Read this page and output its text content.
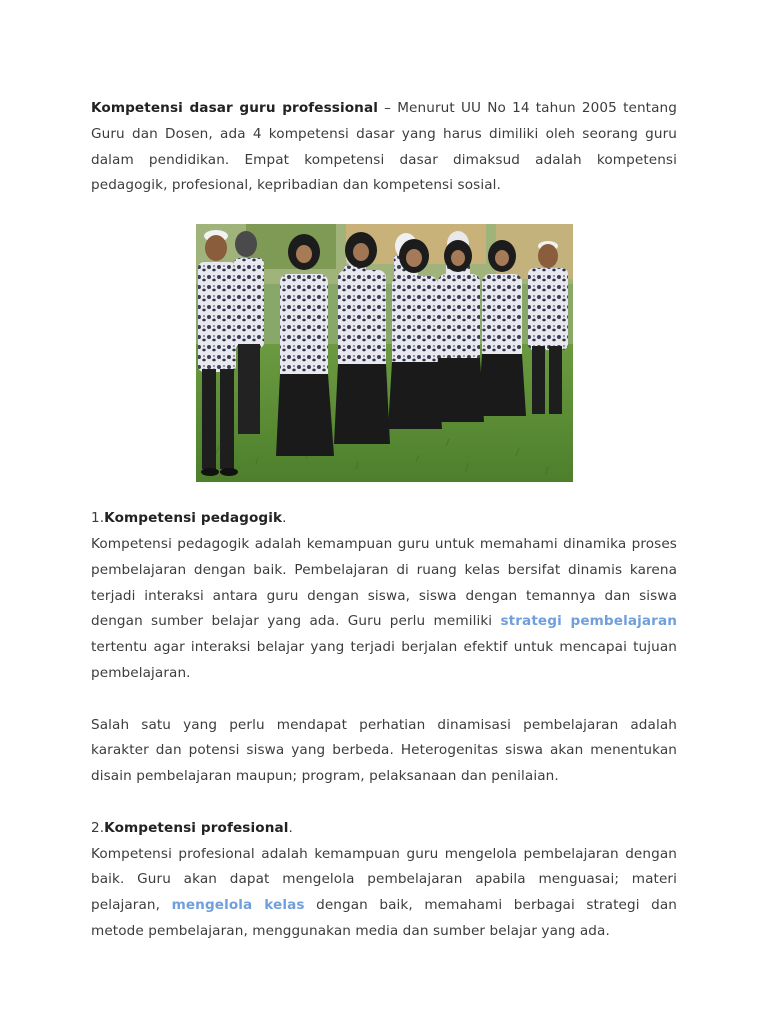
Kompetensi dasar guru professional – Menurut UU No 14 tahun 2005 tentang Guru dan Dosen, ada 4 kompetensi dasar yang harus dimiliki oleh seorang guru dalam pendidikan. Empat kompetensi dasar dimaksud adalah kompetensi pedagogik, profesional, kepribadian dan kompetensi sosial.

1.Kompetensi pedagogik.

Kompetensi pedagogik adalah kemampuan guru untuk memahami dinamika proses pembelajaran dengan baik. Pembelajaran di ruang kelas bersifat dinamis karena terjadi interaksi antara guru dengan siswa, siswa dengan temannya dan siswa dengan sumber belajar yang ada. Guru perlu memiliki strategi pembelajaran tertentu agar interaksi belajar yang terjadi berjalan efektif untuk mencapai tujuan pembelajaran.

Salah satu yang perlu mendapat perhatian dinamisasi pembelajaran adalah karakter dan potensi siswa yang berbeda. Heterogenitas siswa akan menentukan disain pembelajaran maupun; program, pelaksanaan dan penilaian.

2.Kompetensi profesional.

Kompetensi profesional adalah kemampuan guru mengelola pembelajaran dengan baik. Guru akan dapat mengelola pembelajaran apabila menguasai; materi pelajaran, mengelola kelas dengan baik, memahami berbagai strategi dan metode pembelajaran, menggunakan media dan sumber belajar yang ada.
